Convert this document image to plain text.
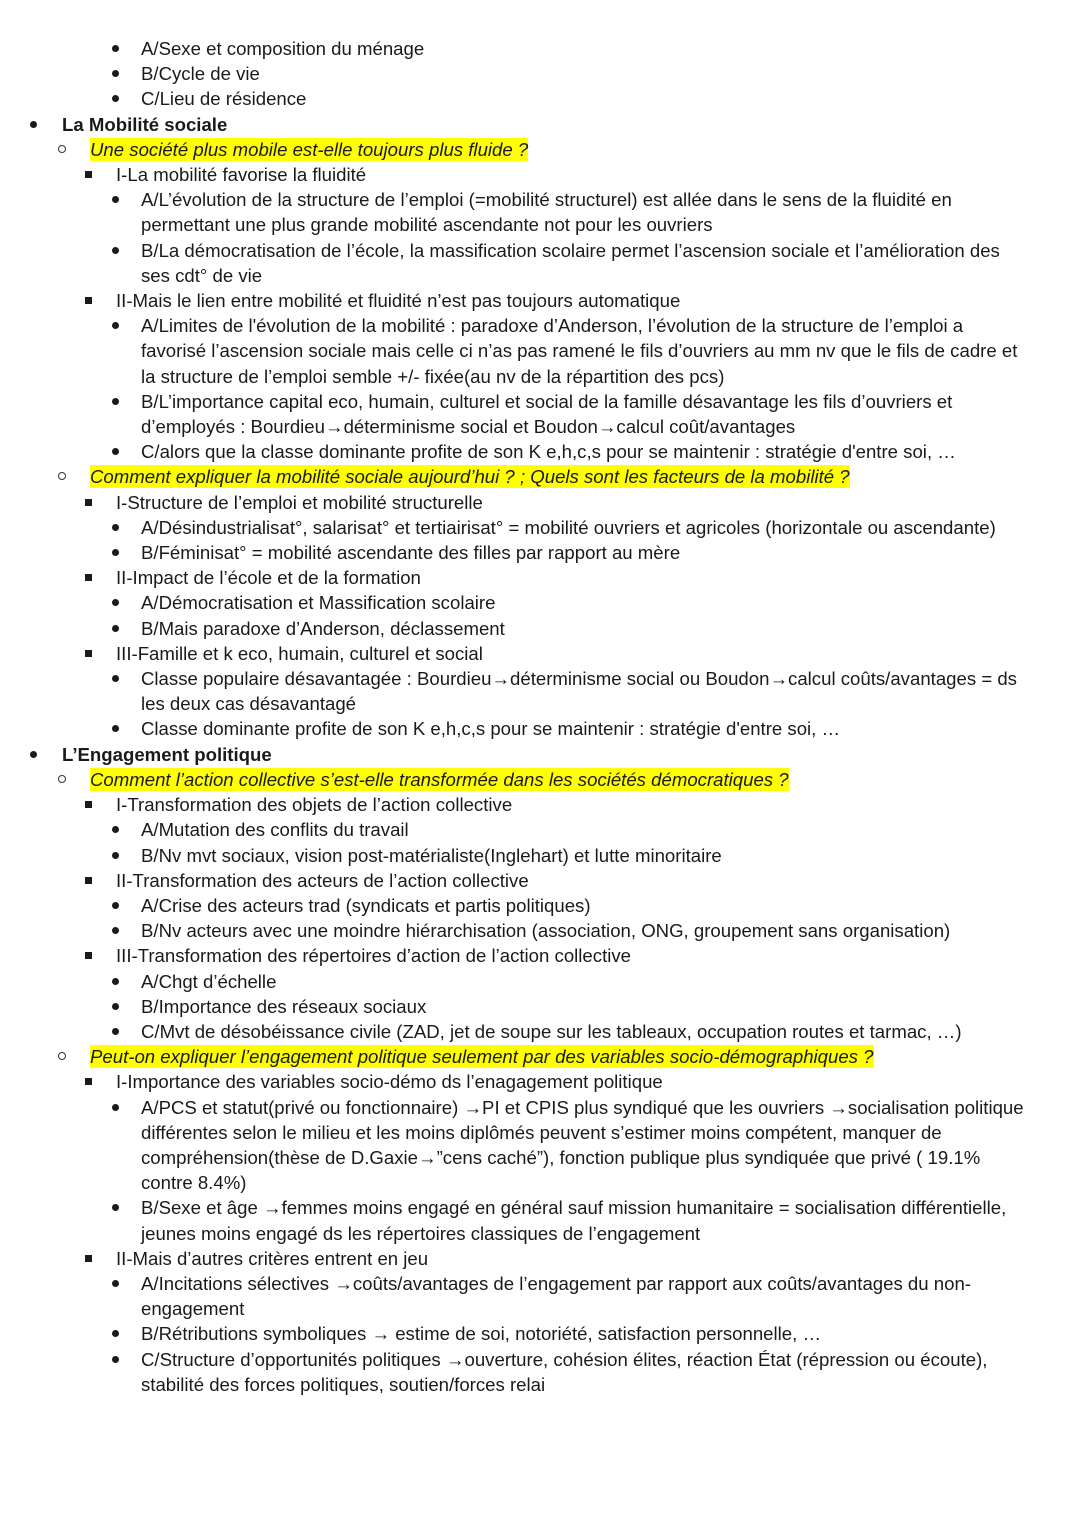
A/Sexe et composition du ménage
B/Cycle de vie
C/Lieu de résidence
La Mobilité sociale
Une société plus mobile est-elle toujours plus fluide ?
I-La mobilité favorise la fluidité
A/L’évolution de la structure de l’emploi (=mobilité structurel) est allée dans le sens de la fluidité en permettant une plus grande mobilité ascendante not pour les ouvriers
B/La démocratisation de l’école, la massification scolaire permet l’ascension sociale et l’amélioration des ses cdt° de vie
II-Mais le lien entre mobilité et fluidité n’est pas toujours automatique
A/Limites de l'évolution de la mobilité : paradoxe d’Anderson, l’évolution de la structure de l’emploi a favorisé l’ascension sociale mais celle ci n’as pas ramené le fils d’ouvriers au mm nv que le fils de cadre et la structure de l’emploi semble +/- fixée(au nv de la répartition des pcs)
B/L’importance capital eco, humain, culturel et social de la famille désavantage les fils d’ouvriers et d’employés : Bourdieu→déterminisme social et Boudon→calcul coût/avantages
C/alors que la classe dominante profite de son K e,h,c,s pour se maintenir : stratégie d'entre soi, …
Comment expliquer la mobilité sociale aujourd’hui ? ; Quels sont les facteurs de la mobilité ?
I-Structure de l’emploi et mobilité structurelle
A/Désindustrialisat°, salarisat° et tertiairisat° = mobilité ouvriers et agricoles (horizontale ou ascendante)
B/Féminisat° = mobilité ascendante des filles par rapport au mère
II-Impact de l’école et de la formation
A/Démocratisation et Massification scolaire
B/Mais paradoxe d’Anderson, déclassement
III-Famille et k eco, humain, culturel et social
Classe populaire désavantagée : Bourdieu→déterminisme social ou Boudon→calcul coûts/avantages = ds les deux cas désavantagé
Classe dominante profite de son K e,h,c,s pour se maintenir : stratégie d'entre soi, …
L’Engagement politique
Comment l’action collective s’est-elle transformée dans les sociétés démocratiques ?
I-Transformation des objets de l’action collective
A/Mutation des conflits du travail
B/Nv mvt sociaux, vision post-matérialiste(Inglehart) et lutte minoritaire
II-Transformation des acteurs de l’action collective
A/Crise des acteurs trad (syndicats et partis politiques)
B/Nv acteurs avec une moindre hiérarchisation (association, ONG, groupement sans organisation)
III-Transformation des répertoires d’action de l’action collective
A/Chgt d’échelle
B/Importance des réseaux sociaux
C/Mvt de désobéissance civile (ZAD, jet de soupe sur les tableaux, occupation routes et tarmac, …)
Peut-on expliquer l’engagement politique seulement par des variables socio-démographiques ?
I-Importance des variables socio-démo ds l’enagagement politique
A/PCS et statut(privé ou fonctionnaire) →PI et CPIS plus syndiqué que les ouvriers →socialisation politique différentes selon le milieu et les moins diplômés peuvent s’estimer moins compétent, manquer de compréhension(thèse de D.Gaxie→”cens caché”), fonction publique plus syndiquée que privé ( 19.1% contre 8.4%)
B/Sexe et âge →femmes moins engagé en général sauf mission humanitaire = socialisation différentielle, jeunes moins engagé ds les répertoires classiques de l’engagement
II-Mais d’autres critères entrent en jeu
A/Incitations sélectives →coûts/avantages de l’engagement par rapport aux coûts/avantages du non-engagement
B/Rétributions symboliques → estime de soi, notoriété, satisfaction personnelle, …
C/Structure d’opportunités politiques →ouverture, cohésion élites, réaction État (répression ou écoute), stabilité des forces politiques, soutien/forces relai
